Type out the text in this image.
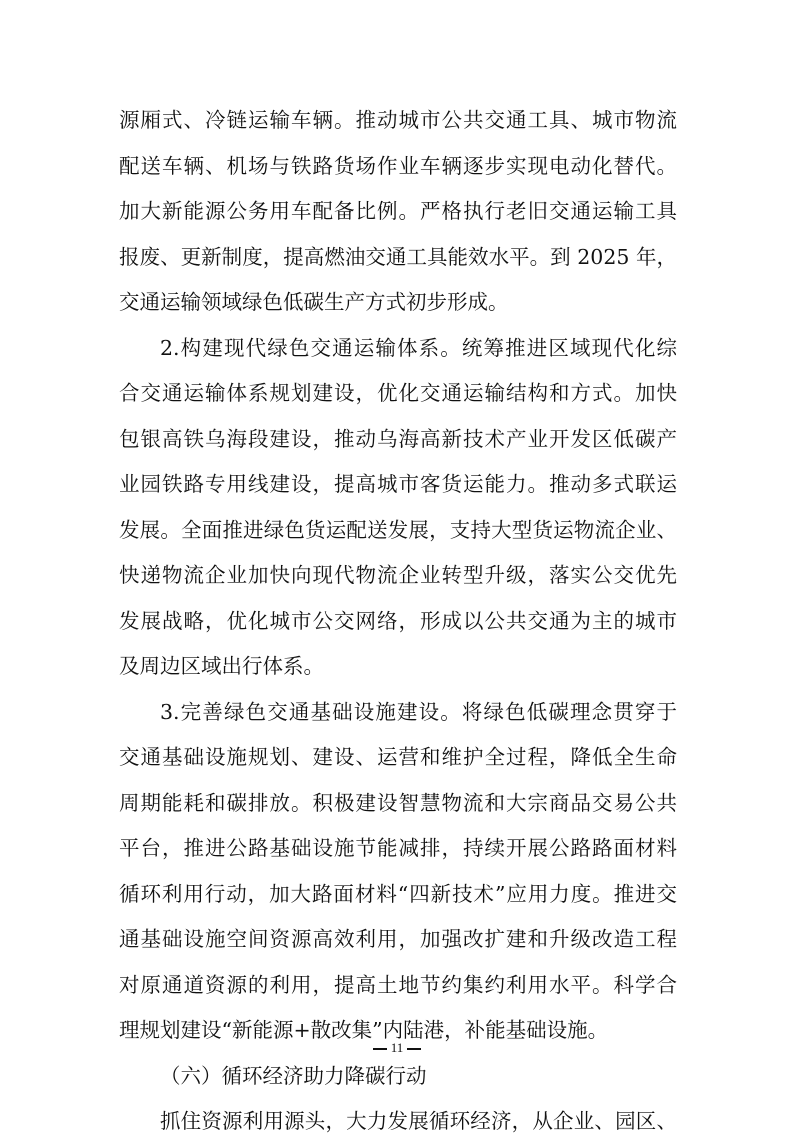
源厢式、冷链运输车辆。推动城市公共交通工具、城市物流
配送车辆、机场与铁路货场作业车辆逐步实现电动化替代。
加大新能源公务用车配备比例。严格执行老旧交通运输工具
报废、更新制度，提高燃油交通工具能效水平。到 2025 年，
交通运输领域绿色低碳生产方式初步形成。
2.构建现代绿色交通运输体系。统筹推进区域现代化综
合交通运输体系规划建设，优化交通运输结构和方式。加快
包银高铁乌海段建设，推动乌海高新技术产业开发区低碳产
业园铁路专用线建设，提高城市客货运能力。推动多式联运
发展。全面推进绿色货运配送发展，支持大型货运物流企业、
快递物流企业加快向现代物流企业转型升级，落实公交优先
发展战略，优化城市公交网络，形成以公共交通为主的城市
及周边区域出行体系。
3.完善绿色交通基础设施建设。将绿色低碳理念贯穿于
交通基础设施规划、建设、运营和维护全过程，降低全生命
周期能耗和碳排放。积极建设智慧物流和大宗商品交易公共
平台，推进公路基础设施节能减排，持续开展公路路面材料
循环利用行动，加大路面材料“四新技术”应用力度。推进交
通基础设施空间资源高效利用，加强改扩建和升级改造工程
对原通道资源的利用，提高土地节约集约利用水平。科学合
理规划建设“新能源+散改集”内陆港，补能基础设施。
（六）循环经济助力降碳行动
抓住资源利用源头，大力发展循环经济，从企业、园区、
11
